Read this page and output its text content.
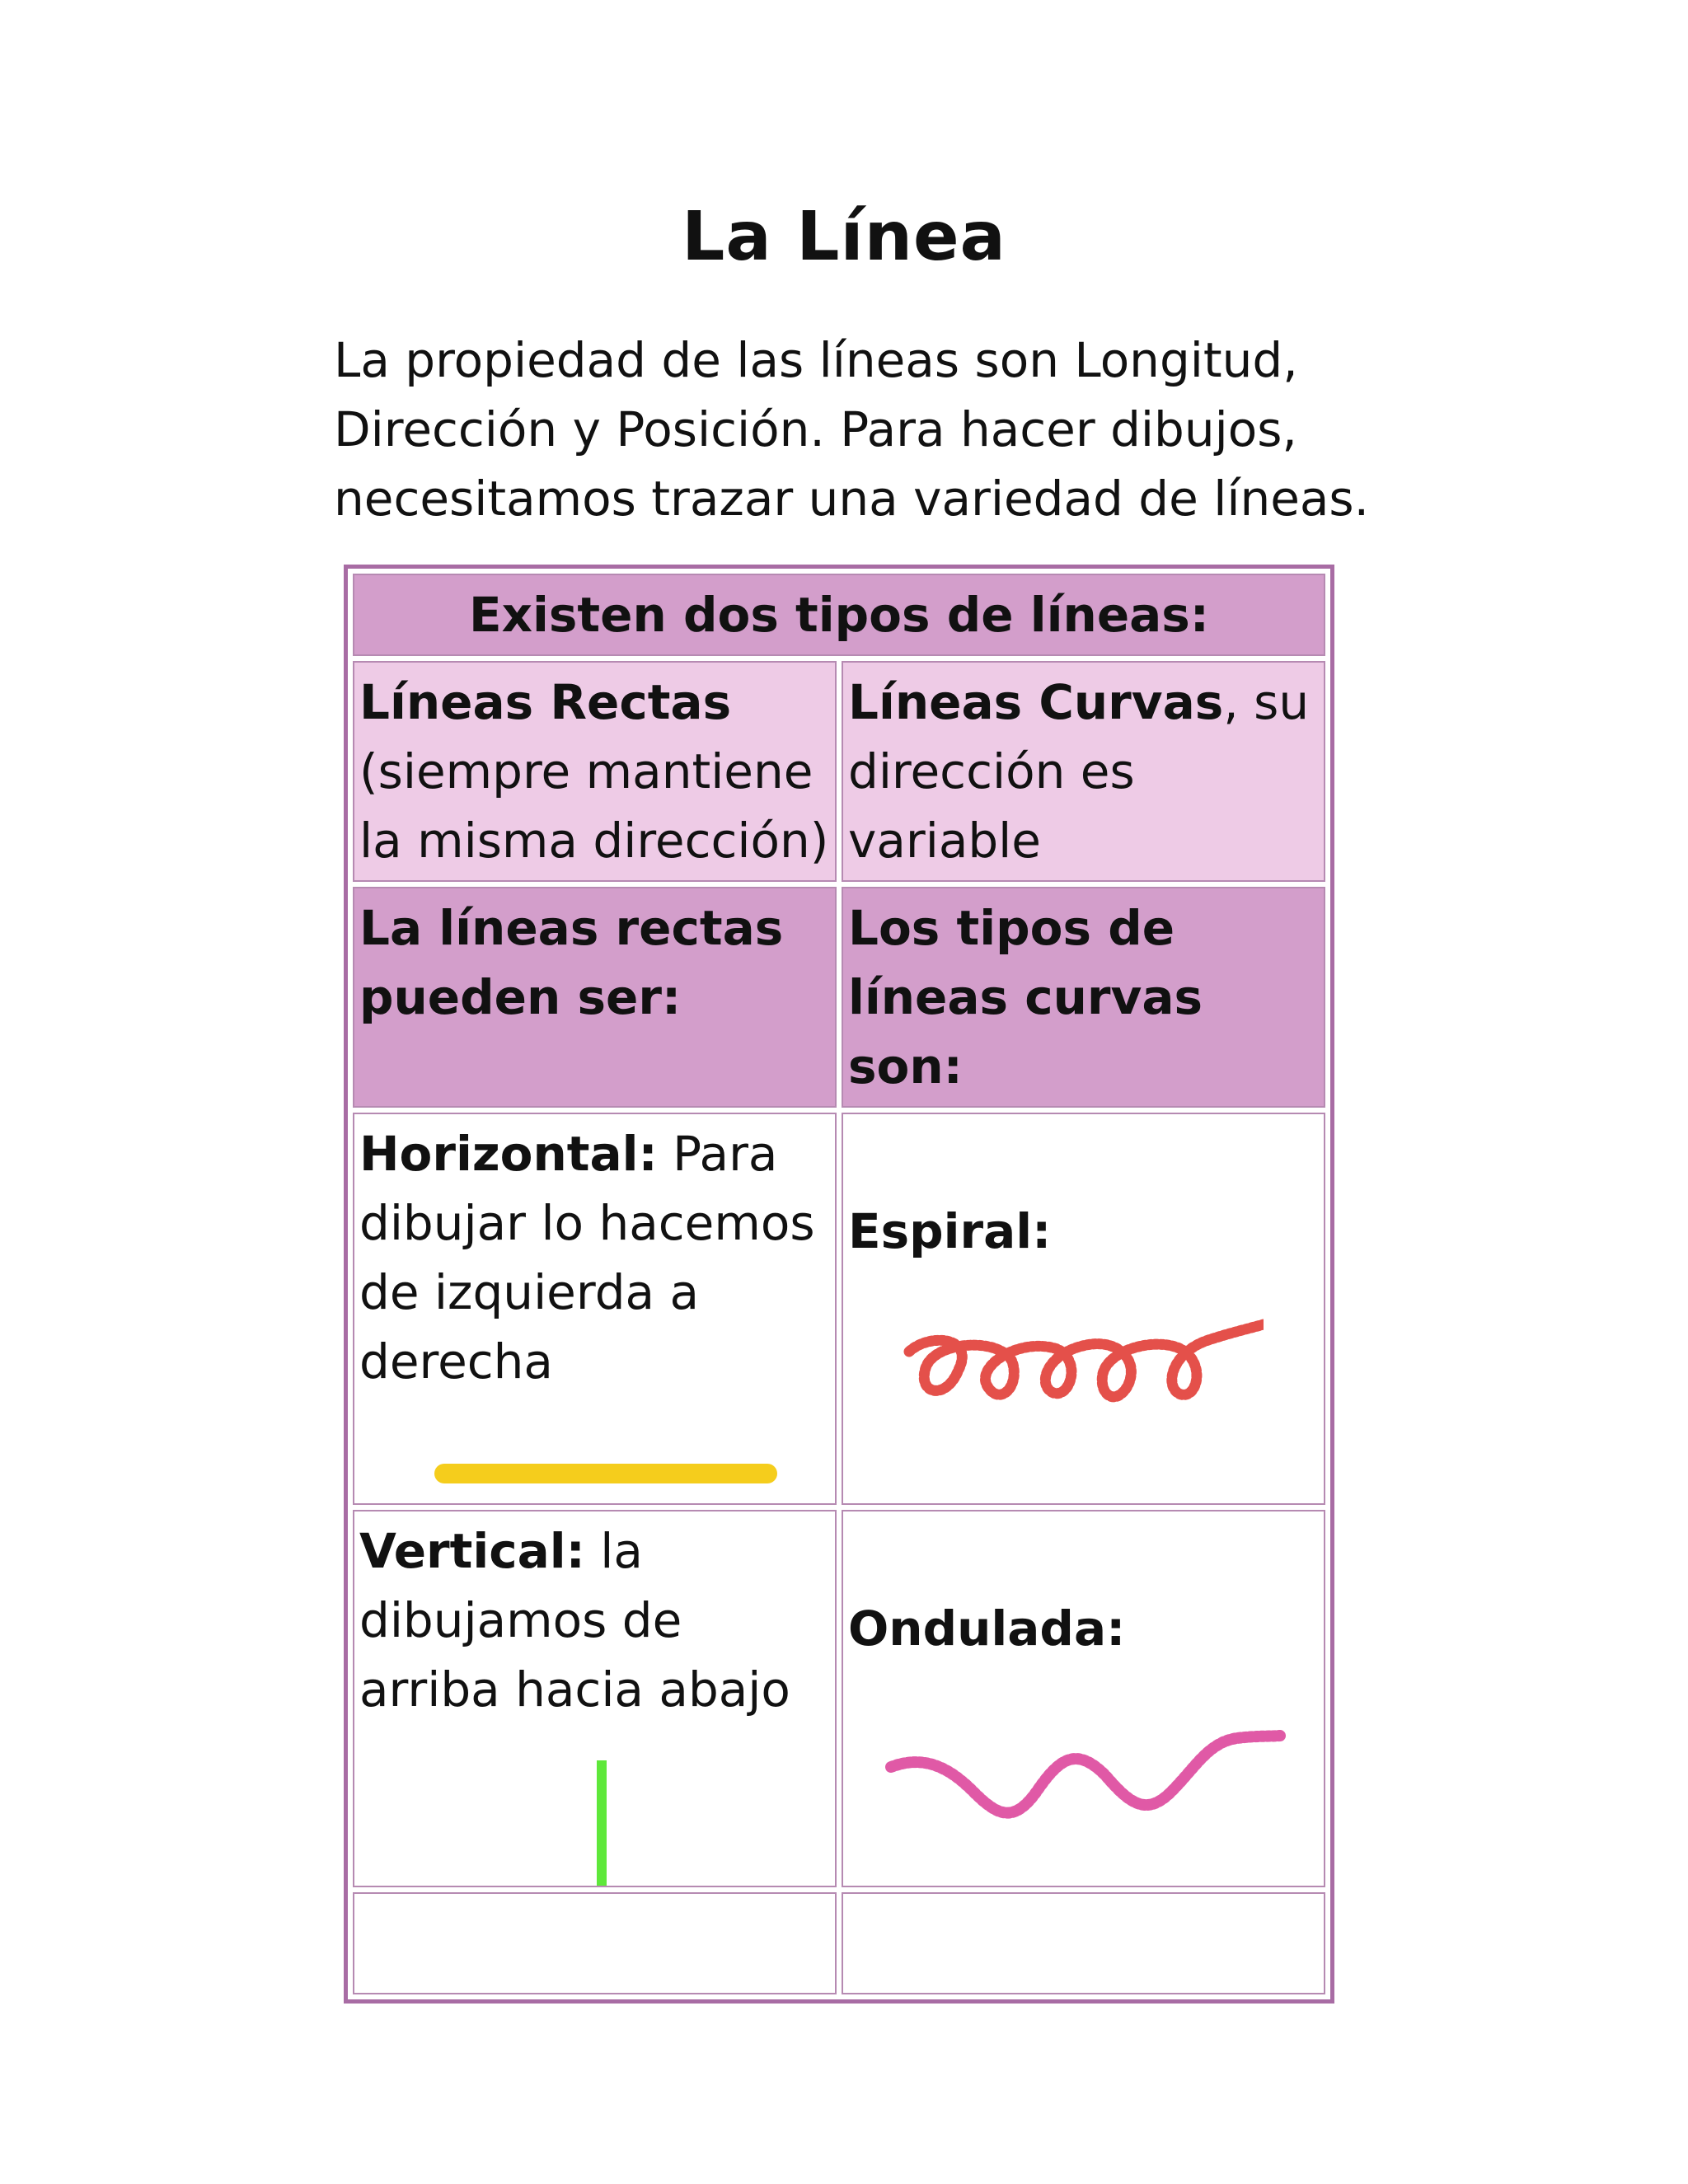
La Línea

La propiedad de las líneas son Longitud, Dirección y Posición. Para hacer dibujos, necesitamos trazar una variedad de líneas.

Existen dos tipos de líneas:	
Líneas Rectas (siempre mantiene la misma dirección)	Líneas Curvas, su dirección es variable
La líneas rectas pueden ser:	Los tipos de líneas curvas son:
Horizontal: Para dibujar lo hacemos de izquierda a derecha	Espiral:

Vertical: la dibujamos de arriba hacia abajo	Ondulada:
